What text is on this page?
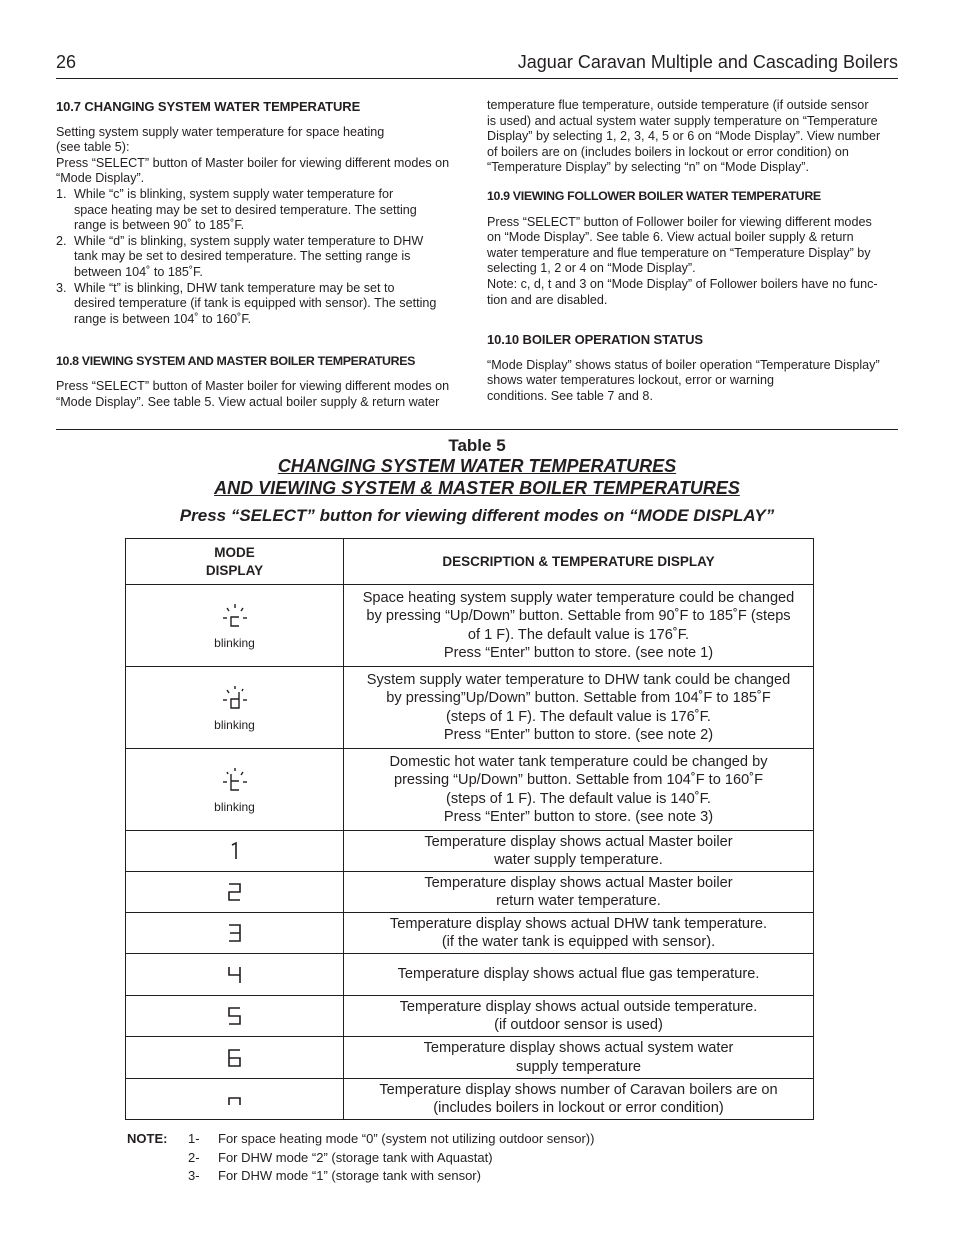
26	Jaguar Caravan Multiple and Cascading Boilers
10.7 CHANGING SYSTEM WATER TEMPERATURE

Setting system supply water temperature for space heating
(see table 5):
Press “SELECT” button of Master boiler for viewing different modes on
“Mode Display”.

1. While “c” is blinking, system supply water temperature for
space heating may be set to desired temperature. The setting
range is between 90˚ to 185˚F.
2. While “d” is blinking, system supply water temperature to DHW
tank may be set to desired temperature. The setting range is
between 104˚ to 185˚F.
3. While “t” is blinking, DHW tank temperature may be set to
desired temperature (if tank is equipped with sensor). The setting
range is between 104˚ to 160˚F.
10.8 VIEWING SYSTEM AND MASTER BOILER TEMPERATURES

Press “SELECT” button of Master boiler for viewing different modes on
“Mode Display”. See table 5. View actual boiler supply & return water

temperature flue temperature, outside temperature (if outside sensor
is used) and actual system water supply temperature on “Temperature
Display” by selecting 1, 2, 3, 4, 5 or 6 on “Mode Display”. View number
of boilers are on (includes boilers in lockout or error condition) on
“Temperature Display” by selecting “n” on “Mode Display”.

10.9 VIEWING FOLLOWER BOILER WATER TEMPERATURE

Press “SELECT” button of Follower boiler for viewing different modes
on “Mode Display”. See table 6. View actual boiler supply & return
water temperature and flue temperature on “Temperature Display” by
selecting 1, 2 or 4 on “Mode Display”.
Note: c, d, t and 3 on “Mode Display” of Follower boilers have no func-
tion and are disabled.

10.10 BOILER OPERATION STATUS

“Mode Display” shows status of boiler operation “Temperature Display”
shows water temperatures lockout, error or warning
conditions. See table 7 and 8.

Table 5
CHANGING SYSTEM WATER TEMPERATURES
AND VIEWING SYSTEM & MASTER BOILER TEMPERATURES
Press “SELECT” button for viewing different modes on “MODE DISPLAY”
MODE
DISPLAY	DESCRIPTION & TEMPERATURE DISPLAY

blinking	Space heating system supply water temperature could be changed
by pressing “Up/Down” button. Settable from 90˚F to 185˚F (steps
of 1 F). The default value is 176˚F.
Press “Enter” button to store. (see note 1)

blinking	System supply water temperature to DHW tank could be changed
by pressing”Up/Down” button. Settable from 104˚F to 185˚F
(steps of 1 F). The default value is 176˚F.
Press “Enter” button to store. (see note 2)

blinking	Domestic hot water tank temperature could be changed by
pressing “Up/Down” button. Settable from 104˚F to 160˚F
(steps of 1 F). The default value is 140˚F.
Press “Enter” button to store. (see note 3)

	Temperature display shows actual Master boiler
water supply temperature.

	Temperature display shows actual Master boiler
return water temperature.

	Temperature display shows actual DHW tank temperature.
(if the water tank is equipped with sensor).

	Temperature display shows actual flue gas temperature.

	Temperature display shows actual outside temperature.
(if outdoor sensor is used)

	Temperature display shows actual system water
supply temperature

	Temperature display shows number of Caravan boilers are on
(includes boilers in lockout or error condition)
NOTE: 1- For space heating mode “0” (system not utilizing outdoor sensor))
2- For DHW mode “2” (storage tank with Aquastat)
3- For DHW mode “1” (storage tank with sensor)
